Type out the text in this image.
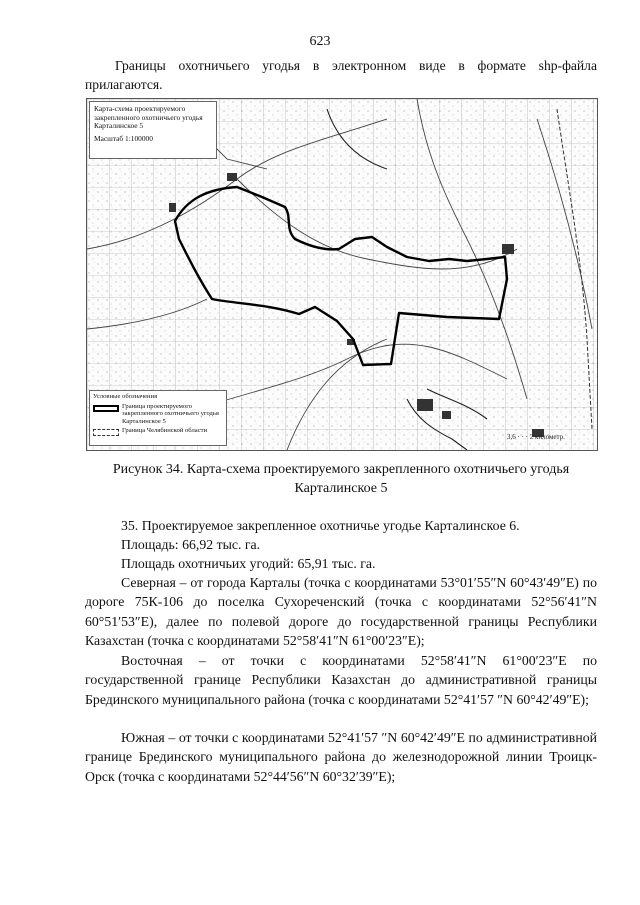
623

Границы охотничьего угодья в электронном виде в формате shp-файла прилагаются.

3,6 · · · 2 километр.
Карта-схема проектируемого
закрепленного охотничьего угодья
Карталинское 5
Масштаб 1:100000
Условные обозначения
Граница проектируемого закрепленного охотничьего угодья Карталинское 5
Граница Челябинской области
Рисунок 34. Карта-схема проектируемого закрепленного охотничьего угодья Карталинское 5

35. Проектируемое закрепленное охотничье угодье Карталинское 6.

Площадь: 66,92 тыс. га.

Площадь охотничьих угодий: 65,91 тыс. га.

Северная – от города Карталы (точка с координатами 53°01′55″N 60°43′49″E) по дороге 75К-106 до поселка Сухореченский (точка с координатами 52°56′41″N 60°51′53″E), далее по полевой дороге до государственной границы Республики Казахстан (точка с координатами 52°58′41″N 61°00′23″E);

Восточная – от точки с координатами 52°58′41″N 61°00′23″E по государственной границе Республики Казахстан до административной границы Брединского муниципального района (точка с координатами 52°41′57 ″N 60°42′49″E);

Южная – от точки с координатами 52°41′57 ″N 60°42′49″E по административной границе Брединского муниципального района до железнодорожной линии Троицк-Орск (точка с координатами 52°44′56″N 60°32′39″E);
